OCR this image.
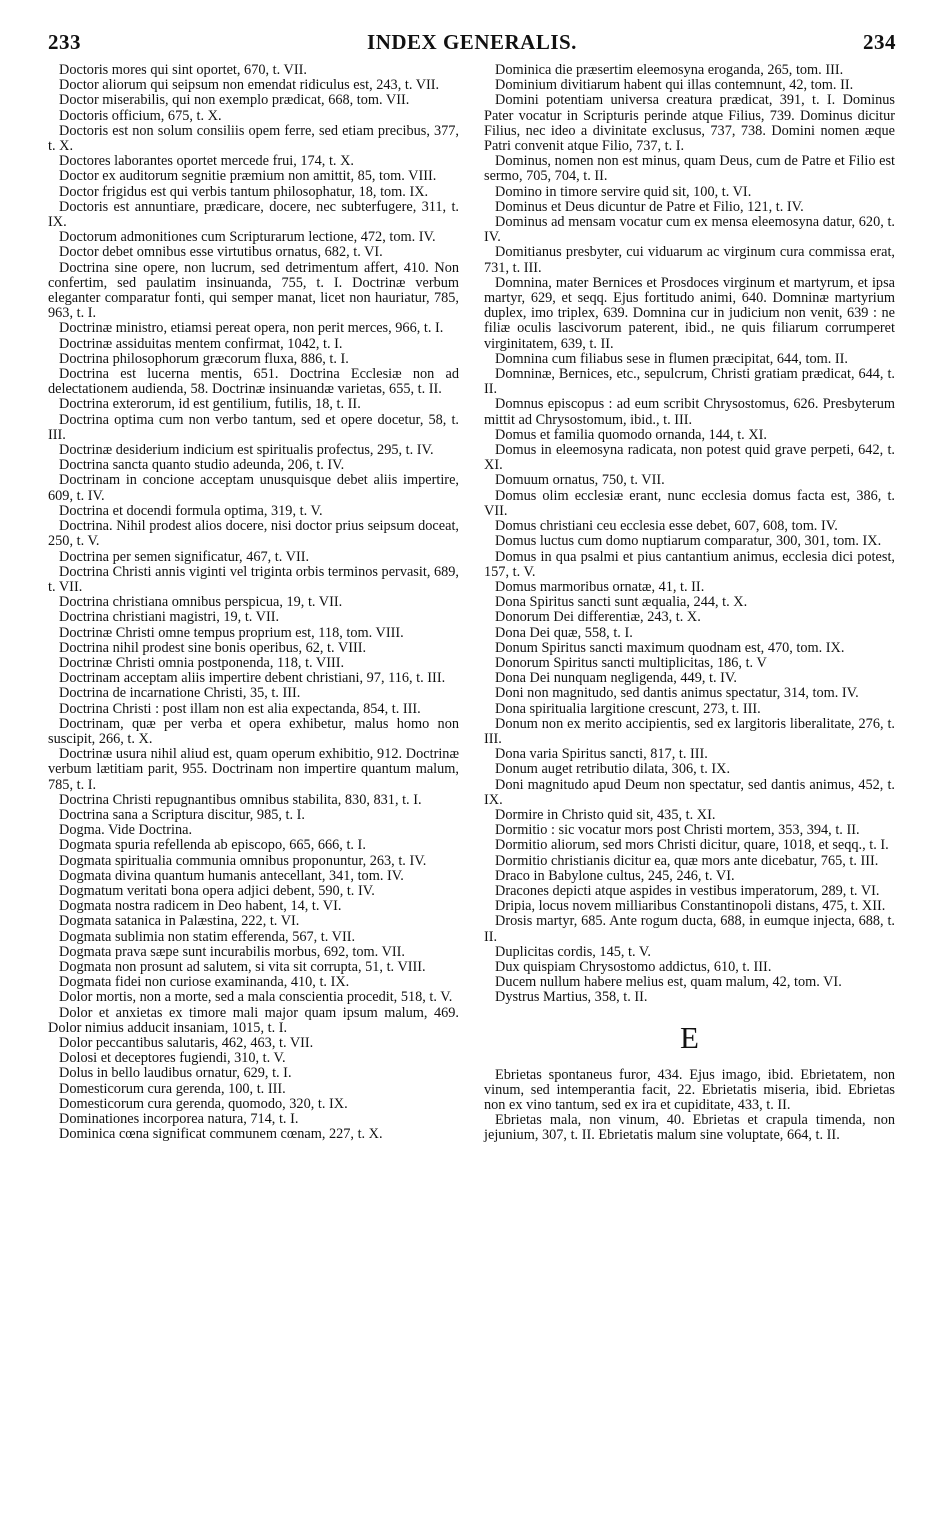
233	INDEX GENERALIS.	234

Doctoris mores qui sint oportet, 670, t. VII.

Doctor aliorum qui seipsum non emendat ridiculus est, 243, t. VII.

Doctor miserabilis, qui non exemplo prædicat, 668, tom. VII.

Doctoris officium, 675, t. X.

Doctoris est non solum consiliis opem ferre, sed etiam precibus, 377, t. X.

Doctores laborantes oportet mercede frui, 174, t. X.

Doctor ex auditorum segnitie præmium non amittit, 85, tom. VIII.

Doctor frigidus est qui verbis tantum philosophatur, 18, tom. IX.

Doctoris est annuntiare, prædicare, docere, nec subterfugere, 311, t. IX.

Doctorum admonitiones cum Scripturarum lectione, 472, tom. IV.

Doctor debet omnibus esse virtutibus ornatus, 682, t. VI.

Doctrina sine opere, non lucrum, sed detrimentum affert, 410. Non confertim, sed paulatim insinuanda, 755, t. I. Doctrinæ verbum eleganter comparatur fonti, qui semper manat, licet non hauriatur, 785, 963, t. I.

Doctrinæ ministro, etiamsi pereat opera, non perit merces, 966, t. I.

Doctrinæ assiduitas mentem confirmat, 1042, t. I.

Doctrina philosophorum græcorum fluxa, 886, t. I.

Doctrina est lucerna mentis, 651. Doctrina Ecclesiæ non ad delectationem audienda, 58. Doctrinæ insinuandæ varietas, 655, t. II.

Doctrina exterorum, id est gentilium, futilis, 18, t. II.

Doctrina optima cum non verbo tantum, sed et opere docetur, 58, t. III.

Doctrinæ desiderium indicium est spiritualis profectus, 295, t. IV.

Doctrina sancta quanto studio adeunda, 206, t. IV.

Doctrinam in concione acceptam unusquisque debet aliis impertire, 609, t. IV.

Doctrina et docendi formula optima, 319, t. V.

Doctrina. Nihil prodest alios docere, nisi doctor prius seipsum doceat, 250, t. V.

Doctrina per semen significatur, 467, t. VII.

Doctrina Christi annis viginti vel triginta orbis terminos pervasit, 689, t. VII.

Doctrina christiana omnibus perspicua, 19, t. VII.

Doctrina christiani magistri, 19, t. VII.

Doctrinæ Christi omne tempus proprium est, 118, tom. VIII.

Doctrina nihil prodest sine bonis operibus, 62, t. VIII.

Doctrinæ Christi omnia postponenda, 118, t. VIII.

Doctrinam acceptam aliis impertire debent christiani, 97, 116, t. III.

Doctrina de incarnatione Christi, 35, t. III.

Doctrina Christi : post illam non est alia expectanda, 854, t. III.

Doctrinam, quæ per verba et opera exhibetur, malus homo non suscipit, 266, t. X.

Doctrinæ usura nihil aliud est, quam operum exhibitio, 912. Doctrinæ verbum lætitiam parit, 955. Doctrinam non impertire quantum malum, 785, t. I.

Doctrina Christi repugnantibus omnibus stabilita, 830, 831, t. I.

Doctrina sana a Scriptura discitur, 985, t. I.

Dogma. Vide Doctrina.

Dogmata spuria refellenda ab episcopo, 665, 666, t. I.

Dogmata spiritualia communia omnibus proponuntur, 263, t. IV.

Dogmata divina quantum humanis antecellant, 341, tom. IV.

Dogmatum veritati bona opera adjici debent, 590, t. IV.

Dogmata nostra radicem in Deo habent, 14, t. VI.

Dogmata satanica in Palæstina, 222, t. VI.

Dogmata sublimia non statim efferenda, 567, t. VII.

Dogmata prava sæpe sunt incurabilis morbus, 692, tom. VII.

Dogmata non prosunt ad salutem, si vita sit corrupta, 51, t. VIII.

Dogmata fidei non curiose examinanda, 410, t. IX.

Dolor mortis, non a morte, sed a mala conscientia procedit, 518, t. V.

Dolor et anxietas ex timore mali major quam ipsum malum, 469. Dolor nimius adducit insaniam, 1015, t. I.

Dolor peccantibus salutaris, 462, 463, t. VII.

Dolosi et deceptores fugiendi, 310, t. V.

Dolus in bello laudibus ornatur, 629, t. I.

Domesticorum cura gerenda, 100, t. III.

Domesticorum cura gerenda, quomodo, 320, t. IX.

Dominationes incorporea natura, 714, t. I.

Dominica cœna significat communem cœnam, 227, t. X.

Dominica die præsertim eleemosyna eroganda, 265, tom. III.

Dominium divitiarum habent qui illas contemnunt, 42, tom. II.

Domini potentiam universa creatura prædicat, 391, t. I. Dominus Pater vocatur in Scripturis perinde atque Filius, 739. Dominus dicitur Filius, nec ideo a divinitate exclusus, 737, 738. Domini nomen æque Patri convenit atque Filio, 737, t. I.

Dominus, nomen non est minus, quam Deus, cum de Patre et Filio est sermo, 705, 704, t. II.

Domino in timore servire quid sit, 100, t. VI.

Dominus et Deus dicuntur de Patre et Filio, 121, t. IV.

Dominus ad mensam vocatur cum ex mensa eleemosyna datur, 620, t. IV.

Domitianus presbyter, cui viduarum ac virginum cura commissa erat, 731, t. III.

Domnina, mater Bernices et Prosdoces virginum et martyrum, et ipsa martyr, 629, et seqq. Ejus fortitudo animi, 640. Domninæ martyrium duplex, imo triplex, 639. Domnina cur in judicium non venit, 639 : ne filiæ oculis lascivorum paterent, ibid., ne quis filiarum corrumperet virginitatem, 639, t. II.

Domnina cum filiabus sese in flumen præcipitat, 644, tom. II.

Domninæ, Bernices, etc., sepulcrum, Christi gratiam prædicat, 644, t. II.

Domnus episcopus : ad eum scribit Chrysostomus, 626. Presbyterum mittit ad Chrysostomum, ibid., t. III.

Domus et familia quomodo ornanda, 144, t. XI.

Domus in eleemosyna radicata, non potest quid grave perpeti, 642, t. XI.

Domuum ornatus, 750, t. VII.

Domus olim ecclesiæ erant, nunc ecclesia domus facta est, 386, t. VII.

Domus christiani ceu ecclesia esse debet, 607, 608, tom. IV.

Domus luctus cum domo nuptiarum comparatur, 300, 301, tom. IX.

Domus in qua psalmi et pius cantantium animus, ecclesia dici potest, 157, t. V.

Domus marmoribus ornatæ, 41, t. II.

Dona Spiritus sancti sunt æqualia, 244, t. X.

Donorum Dei differentiæ, 243, t. X.

Dona Dei quæ, 558, t. I.

Donum Spiritus sancti maximum quodnam est, 470, tom. IX.

Donorum Spiritus sancti multiplicitas, 186, t. V

Dona Dei nunquam negligenda, 449, t. IV.

Doni non magnitudo, sed dantis animus spectatur, 314, tom. IV.

Dona spiritualia largitione crescunt, 273, t. III.

Donum non ex merito accipientis, sed ex largitoris liberalitate, 276, t. III.

Dona varia Spiritus sancti, 817, t. III.

Donum auget retributio dilata, 306, t. IX.

Doni magnitudo apud Deum non spectatur, sed dantis animus, 452, t. IX.

Dormire in Christo quid sit, 435, t. XI.

Dormitio : sic vocatur mors post Christi mortem, 353, 394, t. II.

Dormitio aliorum, sed mors Christi dicitur, quare, 1018, et seqq., t. I.

Dormitio christianis dicitur ea, quæ mors ante dicebatur, 765, t. III.

Draco in Babylone cultus, 245, 246, t. VI.

Dracones depicti atque aspides in vestibus imperatorum, 289, t. VI.

Dripia, locus novem milliaribus Constantinopoli distans, 475, t. XII.

Drosis martyr, 685. Ante rogum ducta, 688, in eumque injecta, 688, t. II.

Duplicitas cordis, 145, t. V.

Dux quispiam Chrysostomo addictus, 610, t. III.

Ducem nullum habere melius est, quam malum, 42, tom. VI.

Dystrus Martius, 358, t. II.

E

Ebrietas spontaneus furor, 434. Ejus imago, ibid. Ebrietatem, non vinum, sed intemperantia facit, 22. Ebrietatis miseria, ibid. Ebrietas non ex vino tantum, sed ex ira et cupiditate, 433, t. II.

Ebrietas mala, non vinum, 40. Ebrietas et crapula timenda, non jejunium, 307, t. II. Ebrietatis malum sine voluptate, 664, t. II.
